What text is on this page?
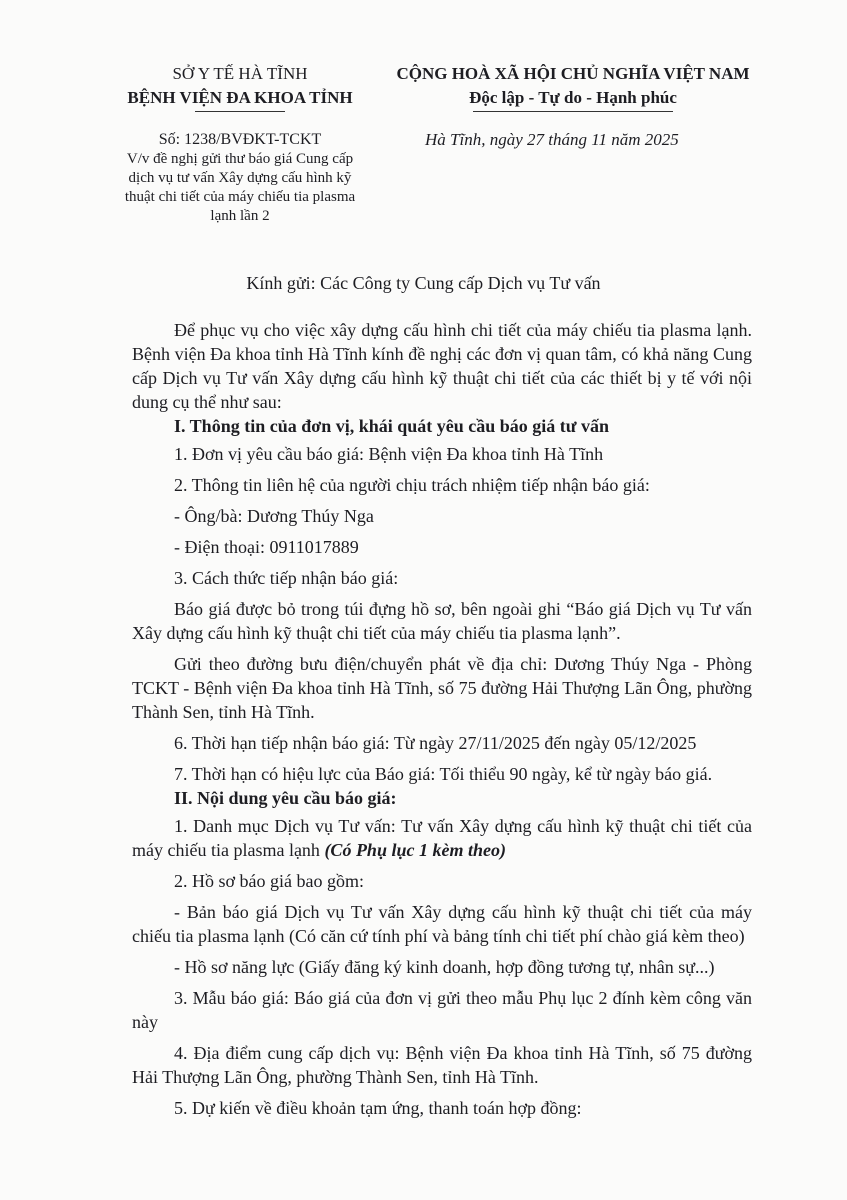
SỞ Y TẾ HÀ TĨNH
BỆNH VIỆN ĐA KHOA TỈNH
CỘNG HOÀ XÃ HỘI CHỦ NGHĨA VIỆT NAM
Độc lập - Tự do - Hạnh phúc
Số: 1238/BVĐKT-TCKT
V/v đề nghị gửi thư báo giá Cung cấp dịch vụ tư vấn Xây dựng cấu hình kỹ thuật chi tiết của máy chiếu tia plasma lạnh lần 2
Hà Tĩnh, ngày 27 tháng 11 năm 2025
Kính gửi: Các Công ty Cung cấp Dịch vụ Tư vấn
Để phục vụ cho việc xây dựng cấu hình chi tiết của máy chiếu tia plasma lạnh. Bệnh viện Đa khoa tỉnh Hà Tĩnh kính đề nghị các đơn vị quan tâm, có khả năng Cung cấp Dịch vụ Tư vấn Xây dựng cấu hình kỹ thuật chi tiết của các thiết bị y tế với nội dung cụ thể như sau:
I. Thông tin của đơn vị, khái quát yêu cầu báo giá tư vấn
1. Đơn vị yêu cầu báo giá: Bệnh viện Đa khoa tỉnh Hà Tĩnh
2. Thông tin liên hệ của người chịu trách nhiệm tiếp nhận báo giá:
- Ông/bà: Dương Thúy Nga
- Điện thoại: 0911017889
3. Cách thức tiếp nhận báo giá:
Báo giá được bỏ trong túi đựng hồ sơ, bên ngoài ghi “Báo giá Dịch vụ Tư vấn Xây dựng cấu hình kỹ thuật chi tiết của máy chiếu tia plasma lạnh”.
Gửi theo đường bưu điện/chuyển phát về địa chỉ: Dương Thúy Nga - Phòng TCKT - Bệnh viện Đa khoa tỉnh Hà Tĩnh, số 75 đường Hải Thượng Lãn Ông, phường Thành Sen, tỉnh Hà Tĩnh.
6. Thời hạn tiếp nhận báo giá: Từ ngày 27/11/2025 đến ngày 05/12/2025
7. Thời hạn có hiệu lực của Báo giá: Tối thiểu 90 ngày, kể từ ngày báo giá.
II. Nội dung yêu cầu báo giá:
1. Danh mục Dịch vụ Tư vấn: Tư vấn Xây dựng cấu hình kỹ thuật chi tiết của máy chiếu tia plasma lạnh (Có Phụ lục 1 kèm theo)
2. Hồ sơ báo giá bao gồm:
- Bản báo giá Dịch vụ Tư vấn Xây dựng cấu hình kỹ thuật chi tiết của máy chiếu tia plasma lạnh (Có căn cứ tính phí và bảng tính chi tiết phí chào giá kèm theo)
- Hồ sơ năng lực (Giấy đăng ký kinh doanh, hợp đồng tương tự, nhân sự...)
3. Mẫu báo giá: Báo giá của đơn vị gửi theo mẫu Phụ lục 2 đính kèm công văn này
4. Địa điểm cung cấp dịch vụ: Bệnh viện Đa khoa tỉnh Hà Tĩnh, số 75 đường Hải Thượng Lãn Ông, phường Thành Sen, tỉnh Hà Tĩnh.
5. Dự kiến về điều khoản tạm ứng, thanh toán hợp đồng:
